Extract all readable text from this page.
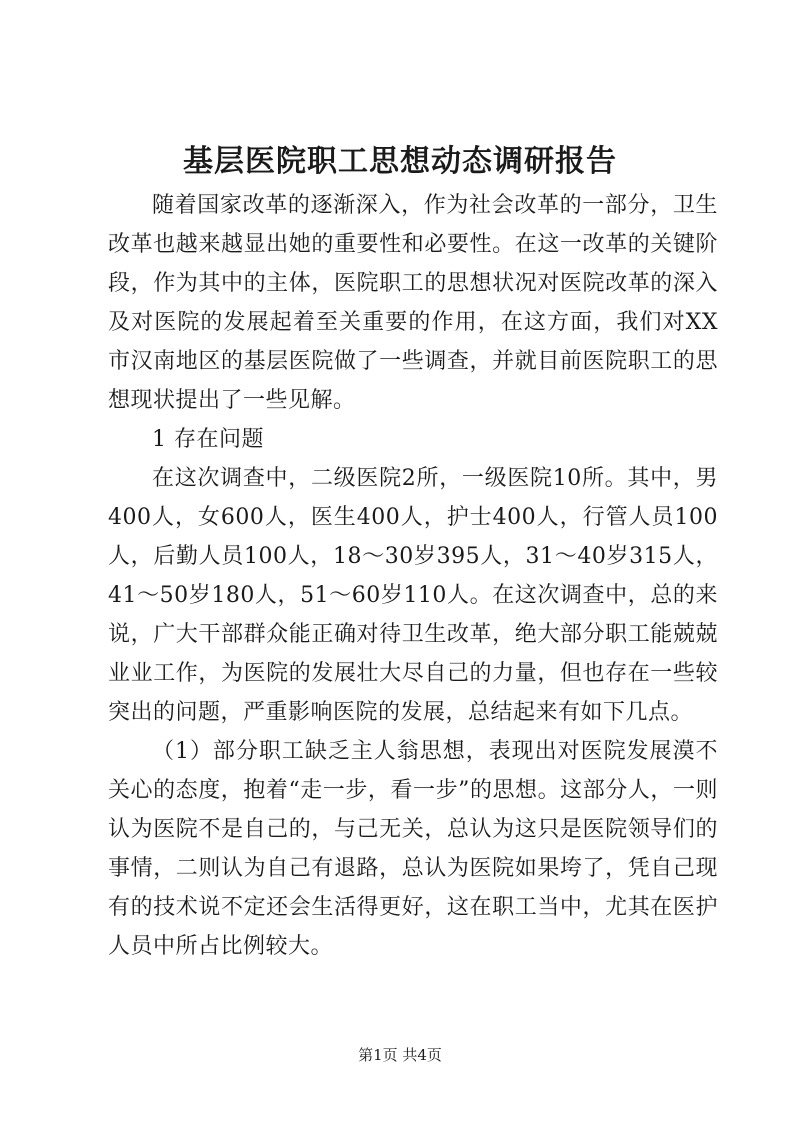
基层医院职工思想动态调研报告

随着国家改革的逐渐深入，作为社会改革的一部分，卫生改革也越来越显出她的重要性和必要性。在这一改革的关键阶段，作为其中的主体，医院职工的思想状况对医院改革的深入及对医院的发展起着至关重要的作用，在这方面，我们对XX市汉南地区的基层医院做了一些调查，并就目前医院职工的思想现状提出了一些见解。

1 存在问题

在这次调查中，二级医院2所，一级医院10所。其中，男400人，女600人，医生400人，护士400人，行管人员100人，后勤人员100人，18～30岁395人，31～40岁315人，41～50岁180人，51～60岁110人。在这次调查中，总的来说，广大干部群众能正确对待卫生改革，绝大部分职工能兢兢业业工作，为医院的发展壮大尽自己的力量，但也存在一些较突出的问题，严重影响医院的发展，总结起来有如下几点。

（1）部分职工缺乏主人翁思想，表现出对医院发展漠不关心的态度，抱着“走一步，看一步”的思想。这部分人，一则认为医院不是自己的，与己无关，总认为这只是医院领导们的事情，二则认为自己有退路，总认为医院如果垮了，凭自己现有的技术说不定还会生活得更好，这在职工当中，尤其在医护人员中所占比例较大。

第1页 共4页
